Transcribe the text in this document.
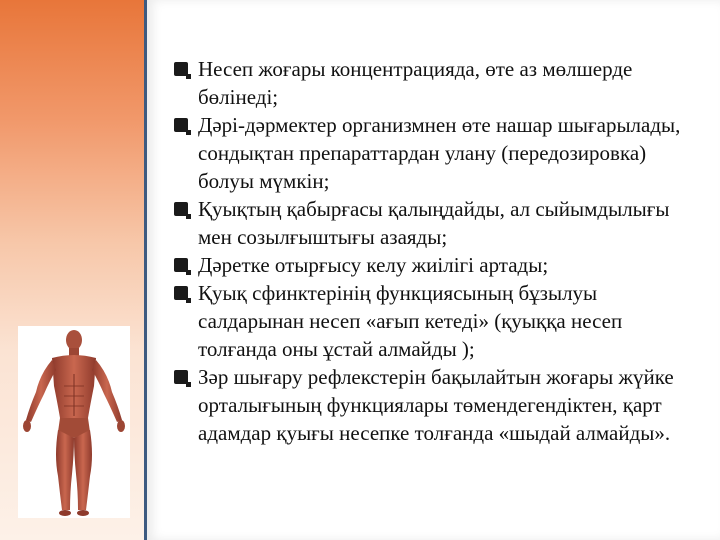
Несеп жоғары концентрацияда, өте аз мөлшерде бөлінеді;
Дәрі-дәрмектер организмнен өте нашар шығарылады, сондықтан препараттардан улану (передозировка) болуы мүмкін;
Қуықтың қабырғасы қалыңдайды, ал сыйымдылығы мен созылғыштығы азаяды;
Дәретке отырғысу келу жиілігі артады;
Қуық сфинктерінің функциясының бұзылуы салдарынан несеп «ағып кетеді» (қуыққа несеп толғанда оны ұстай алмайды );
Зәр шығару рефлекстерін бақылайтын жоғары жүйке орталығының функциялары төмендегендіктен, қарт адамдар қуығы несепке толғанда «шыдай алмайды».
